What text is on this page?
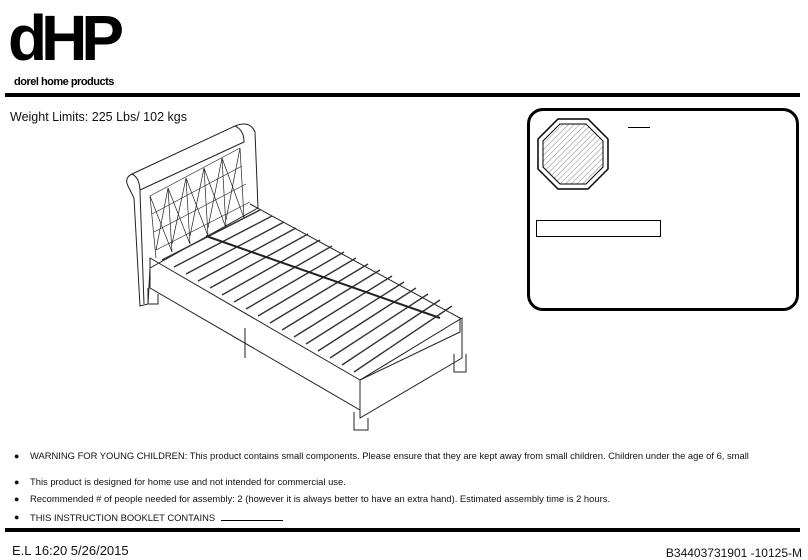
dHP
dorel home products
Weight Limits: 225 Lbs/ 102 kgs
● WARNING FOR YOUNG CHILDREN: This product contains small components. Please ensure that they are kept away from small children. Children under the age of 6, small
● This product is designed for home use and not intended for commercial use.
● Recommended # of people needed for assembly: 2 (however it is always better to have an extra hand). Estimated assembly time is 2 hours.
● THIS INSTRUCTION BOOKLET CONTAINS
E.L 16:20 5/26/2015	B34403731901 -10125-M
